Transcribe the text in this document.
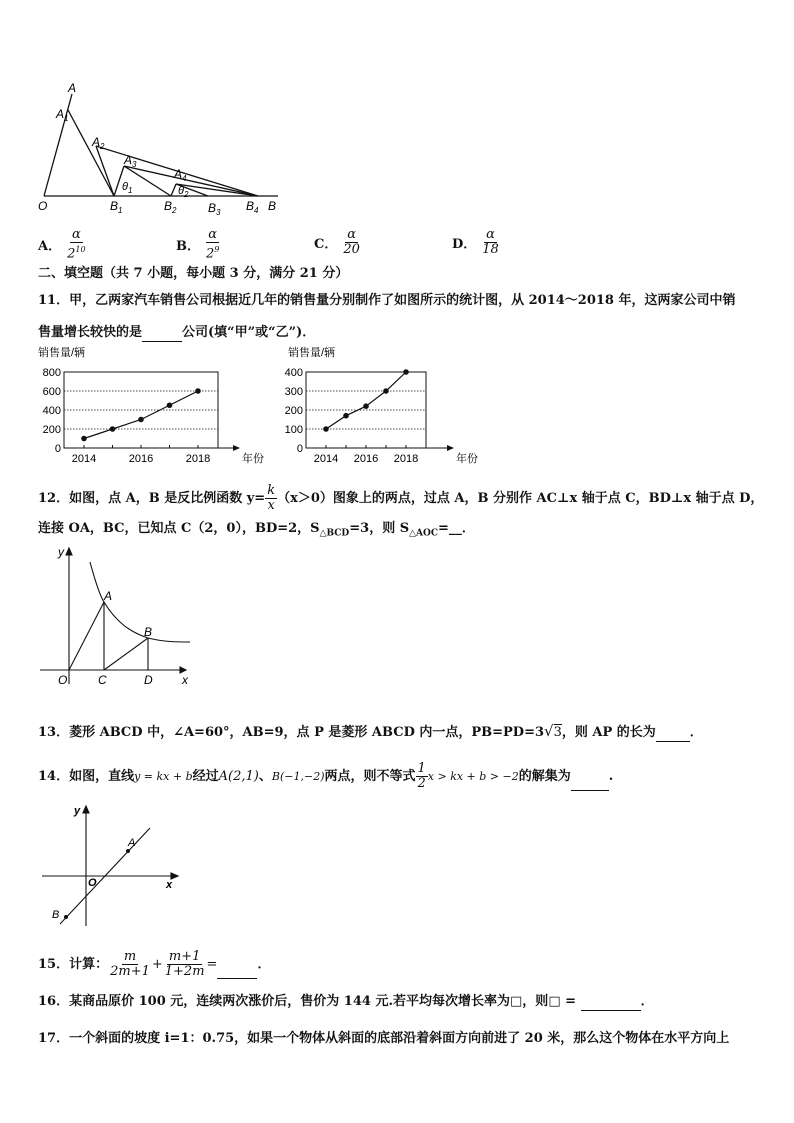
A
$A_1$
$A_2$
$A_3$
$A_4$
O	$B_1$	$B_2$	$B_3$ $B_4$ B
$\theta_1$	$\theta_2$
A． $\frac{\alpha}{2^{10}}$	B． $\frac{\alpha}{2^9}$	C． $\frac{\alpha}{20}$	D． $\frac{\alpha}{18}$
二、填空题（共 7 小题，每小题 3 分，满分 21 分）
11．甲，乙两家汽车销售公司根据近几年的销售量分别制作了如图所示的统计图，从 2014～2018 年，这两家公司中销
售量增长较快的是	公司(填“甲”或“乙”)．
0
200
400
600
800
2014	2016	2018
销售量/辆
年份
0
100
200
300
400
2014 2016 2018
销售量/辆
年份
12．如图，点 A，B 是反比例函数 $y= \frac{k}{x} (x>0)$图象上的两点，过点 A，B 分别作 AC⊥x 轴于点 C，BD⊥x 轴于点 D，
连接 OA，BC，已知点 C（2，0），BD=2，$S_{\triangle BCD}=3$，则 $S_{\triangle AOC}=\_\_$．
y
A
B
O	C	D x
13．菱形 ABCD 中，∠A=60°，AB=9，点 P 是菱形 ABCD 内一点，PB=PD=3√3，则 AP 的长为	．
14．如图，直线y = kx + b经过A(2,1)、B(−1,−2)两点，则不等式 $\frac{1}{2}$ x > kx + b > −2的解集为	.
y
A
O	x
B
15．计算： $\frac{m}{2m+1} + \frac{m+1}{1+2m}$ =	．
16．某商品原价 100 元，连续两次涨价后，售价为 144 元.若平均每次增长率为□，则□ =	．
17．一个斜面的坡度 i=1：0.75，如果一个物体从斜面的底部沿着斜面方向前进了 20 米，那么这个物体在水平方向上
